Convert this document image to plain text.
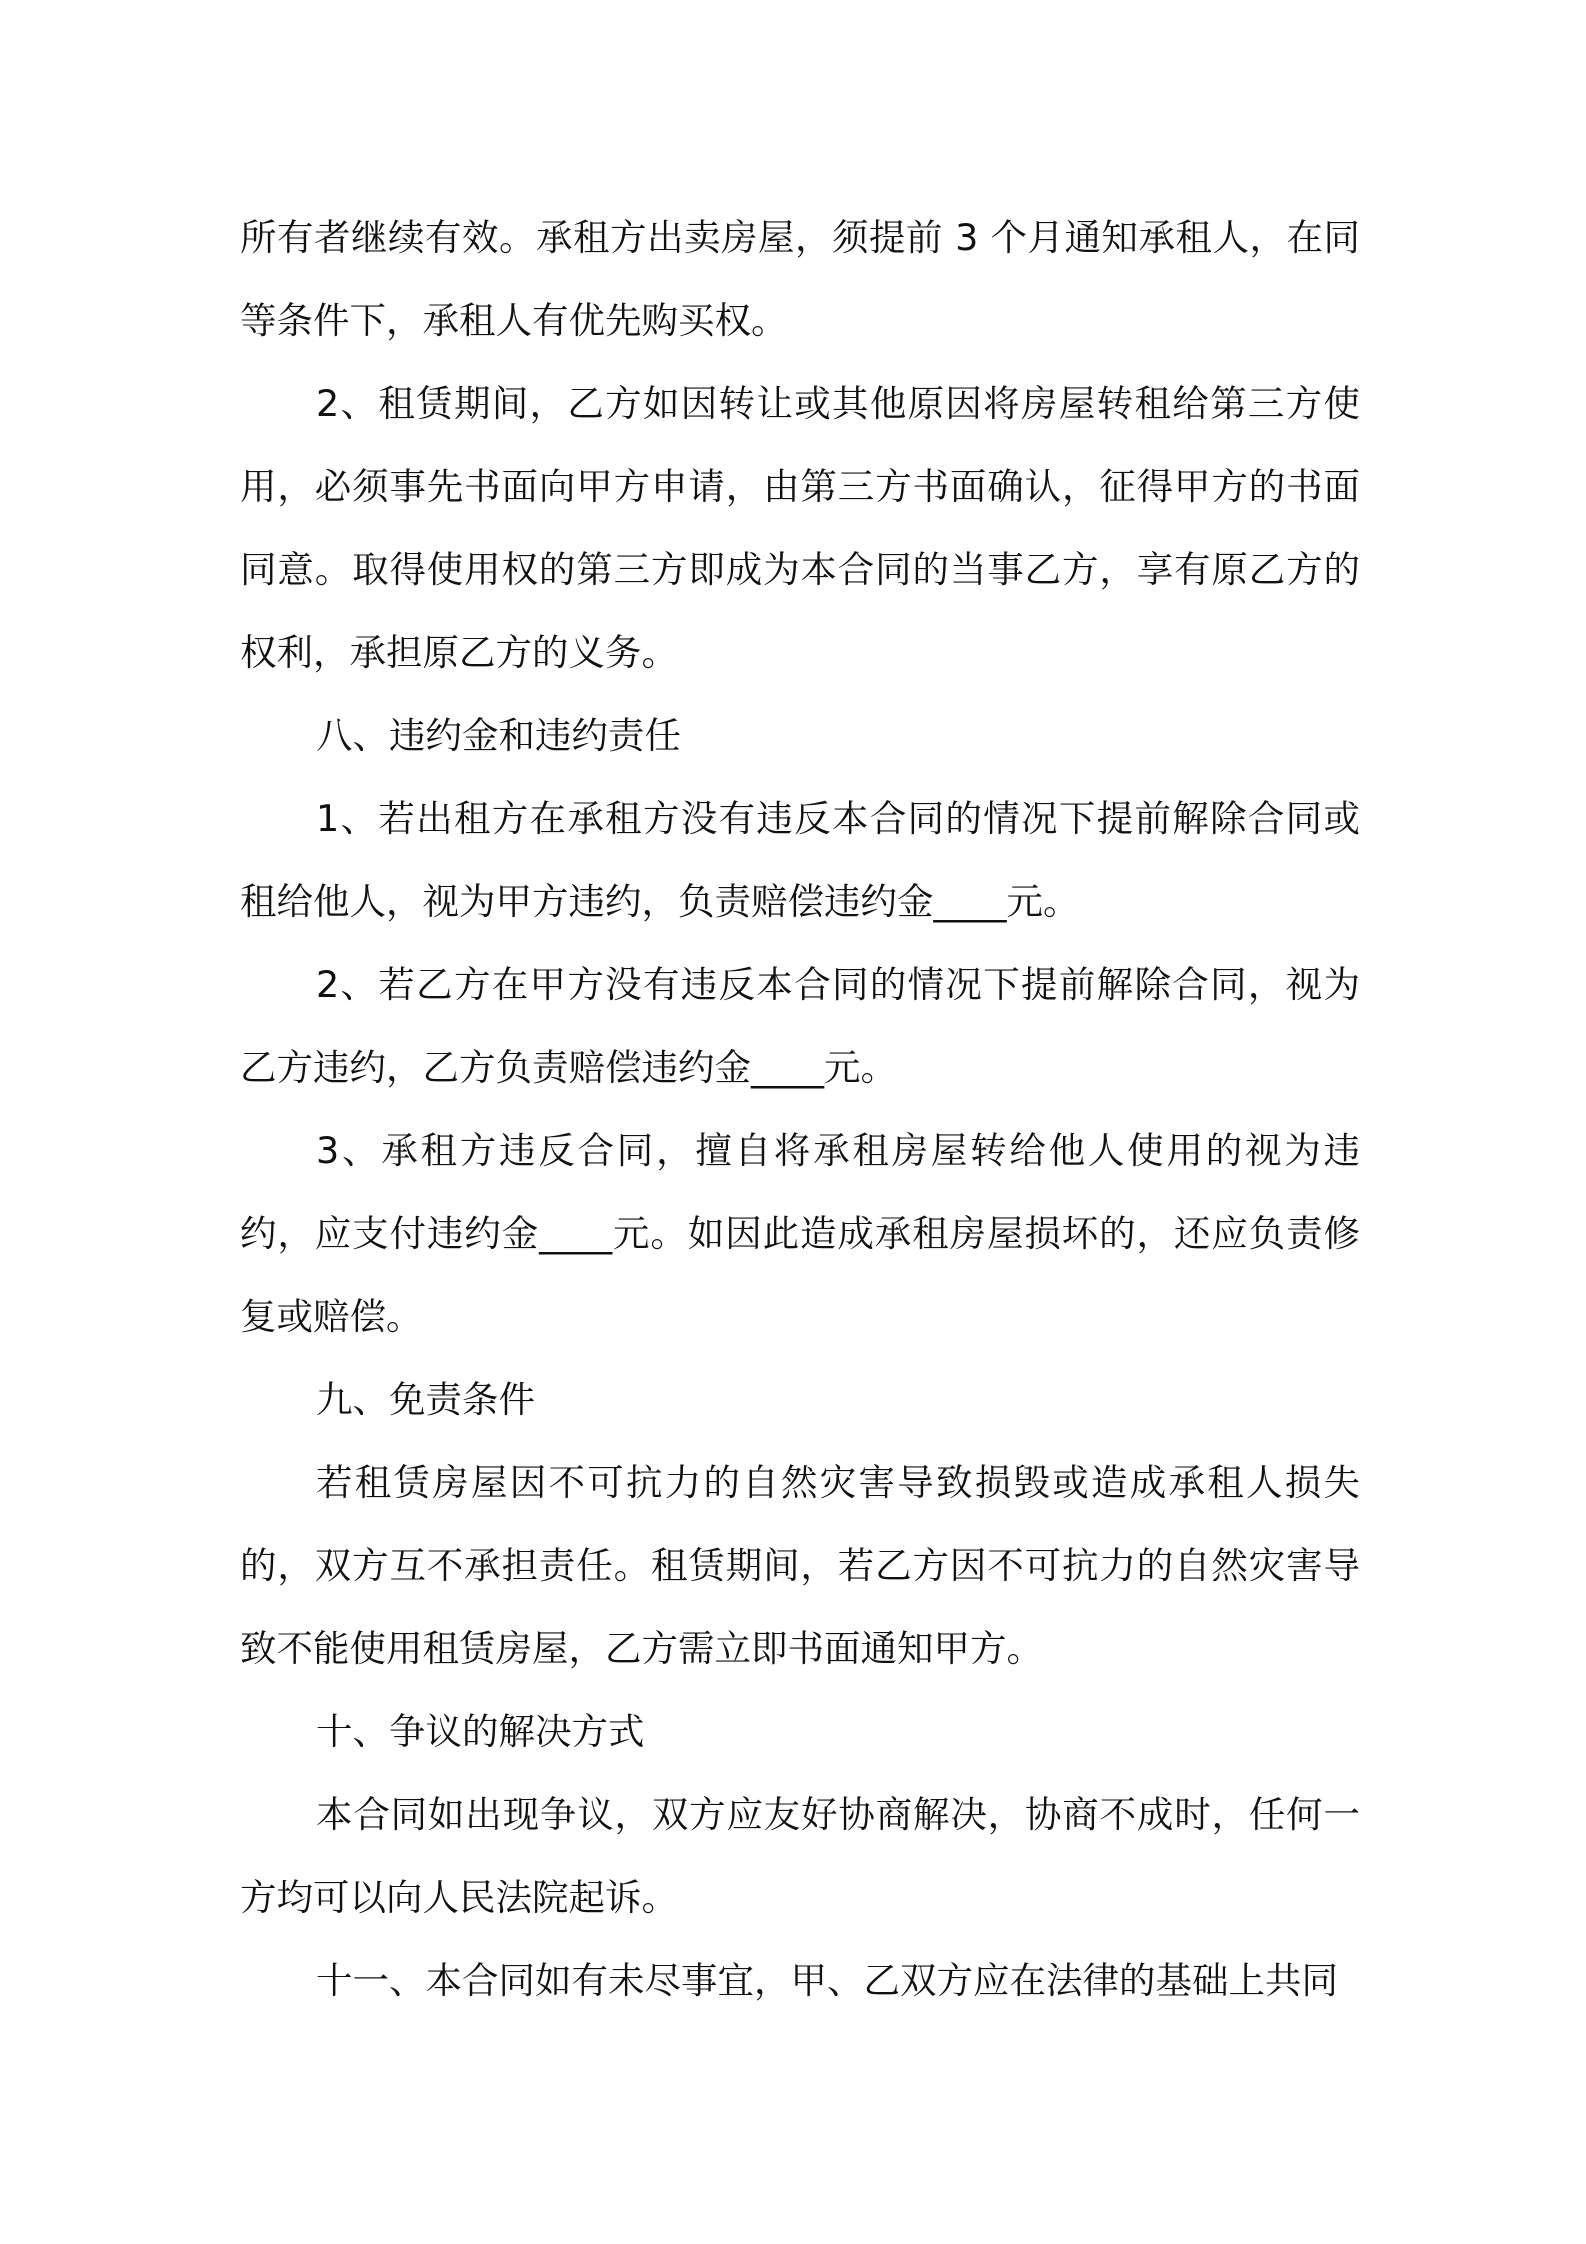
所有者继续有效。承租方出卖房屋，须提前 3 个月通知承租人，在同等条件下，承租人有优先购买权。

2、租赁期间，乙方如因转让或其他原因将房屋转租给第三方使用，必须事先书面向甲方申请，由第三方书面确认，征得甲方的书面同意。取得使用权的第三方即成为本合同的当事乙方，享有原乙方的权利，承担原乙方的义务。

八、违约金和违约责任

1、若出租方在承租方没有违反本合同的情况下提前解除合同或租给他人，视为甲方违约，负责赔偿违约金____元。

2、若乙方在甲方没有违反本合同的情况下提前解除合同，视为乙方违约，乙方负责赔偿违约金____元。

3、承租方违反合同，擅自将承租房屋转给他人使用的视为违约，应支付违约金____元。如因此造成承租房屋损坏的，还应负责修复或赔偿。

九、免责条件

若租赁房屋因不可抗力的自然灾害导致损毁或造成承租人损失的，双方互不承担责任。租赁期间，若乙方因不可抗力的自然灾害导致不能使用租赁房屋，乙方需立即书面通知甲方。

十、争议的解决方式

本合同如出现争议，双方应友好协商解决，协商不成时，任何一方均可以向人民法院起诉。

十一、本合同如有未尽事宜，甲、乙双方应在法律的基础上共同
